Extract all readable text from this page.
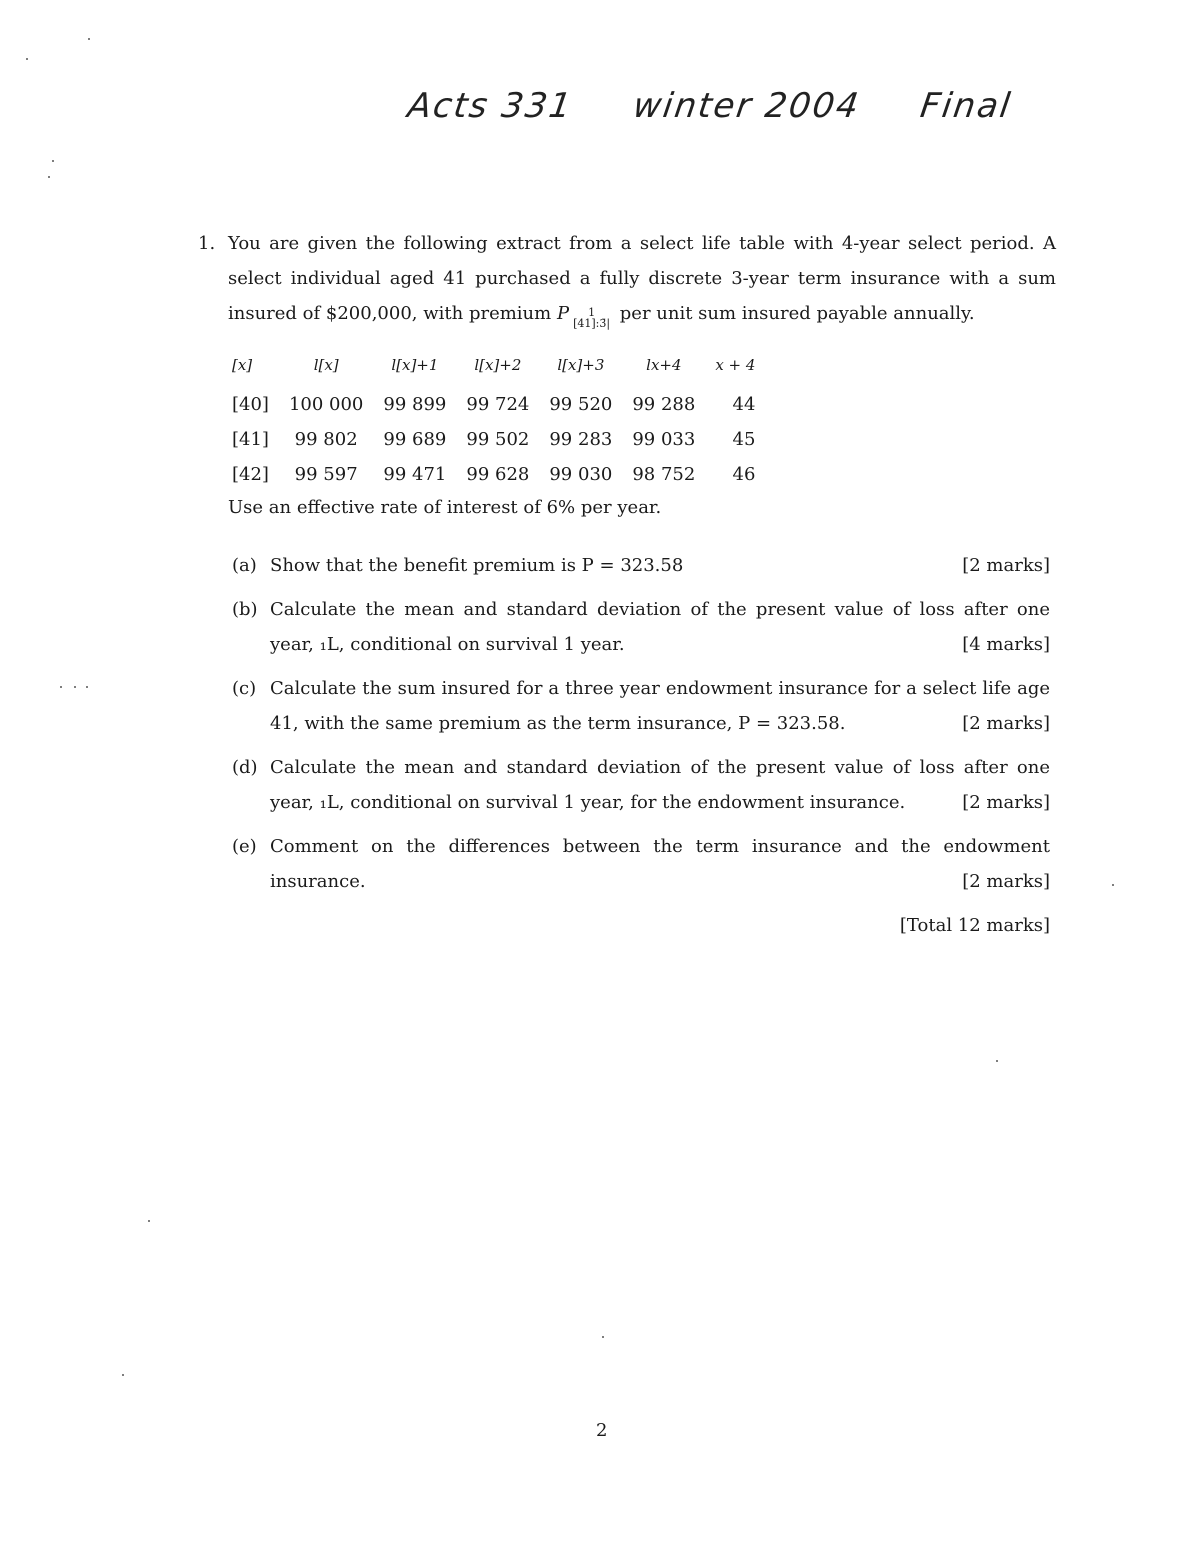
Acts 331 winter 2004 Final
1. You are given the following extract from a select life table with 4-year select period. A select individual aged 41 purchased a fully discrete 3-year term insurance with a sum insured of $200,000, with premium P 1
[41]:3̄| per unit sum insured payable annually.

[x]	l[x]	l[x]+1	l[x]+2	l[x]+3	lx+4	x + 4
[40]	100 000	99 899	99 724	99 520	99 288	44
[41]	99 802	99 689	99 502	99 283	99 033	45
[42]	99 597	99 471	99 628	99 030	98 752	46
Use an effective rate of interest of 6% per year.
(a) Show that the benefit premium is P = 323.58	[2 marks]
(b) Calculate the mean and standard deviation of the present value of loss after one year, ₁L, conditional on survival 1 year.	[4 marks]
(c) Calculate the sum insured for a three year endowment insurance for a select life age 41, with the same premium as the term insurance, P = 323.58.	[2 marks]
(d) Calculate the mean and standard deviation of the present value of loss after one year, ₁L, conditional on survival 1 year, for the endowment insurance.	[2 marks]
(e) Comment on the differences between the term insurance and the endowment insurance.	[2 marks]
[Total 12 marks]
2
